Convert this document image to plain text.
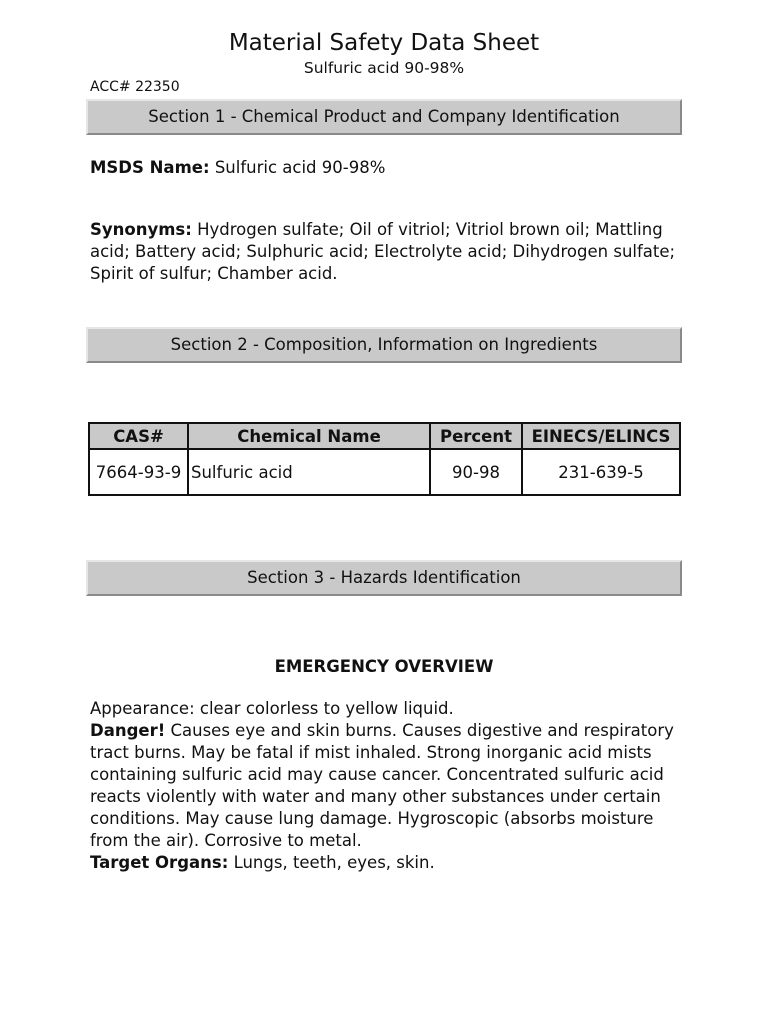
Material Safety Data Sheet
Sulfuric acid 90-98%
ACC# 22350
Section 1 - Chemical Product and Company Identification
MSDS Name: Sulfuric acid 90-98%
Synonyms: Hydrogen sulfate; Oil of vitriol; Vitriol brown oil; Mattling acid; Battery acid; Sulphuric acid; Electrolyte acid; Dihydrogen sulfate; Spirit of sulfur; Chamber acid.
Section 2 - Composition, Information on Ingredients
CAS#	Chemical Name	Percent	EINECS/ELINCS
7664-93-9	Sulfuric acid	90-98	231-639-5
Section 3 - Hazards Identification
EMERGENCY OVERVIEW
Appearance: clear colorless to yellow liquid.
Danger! Causes eye and skin burns. Causes digestive and respiratory tract burns. May be fatal if mist inhaled. Strong inorganic acid mists containing sulfuric acid may cause cancer. Concentrated sulfuric acid reacts violently with water and many other substances under certain conditions. May cause lung damage. Hygroscopic (absorbs moisture from the air). Corrosive to metal.
Target Organs: Lungs, teeth, eyes, skin.
